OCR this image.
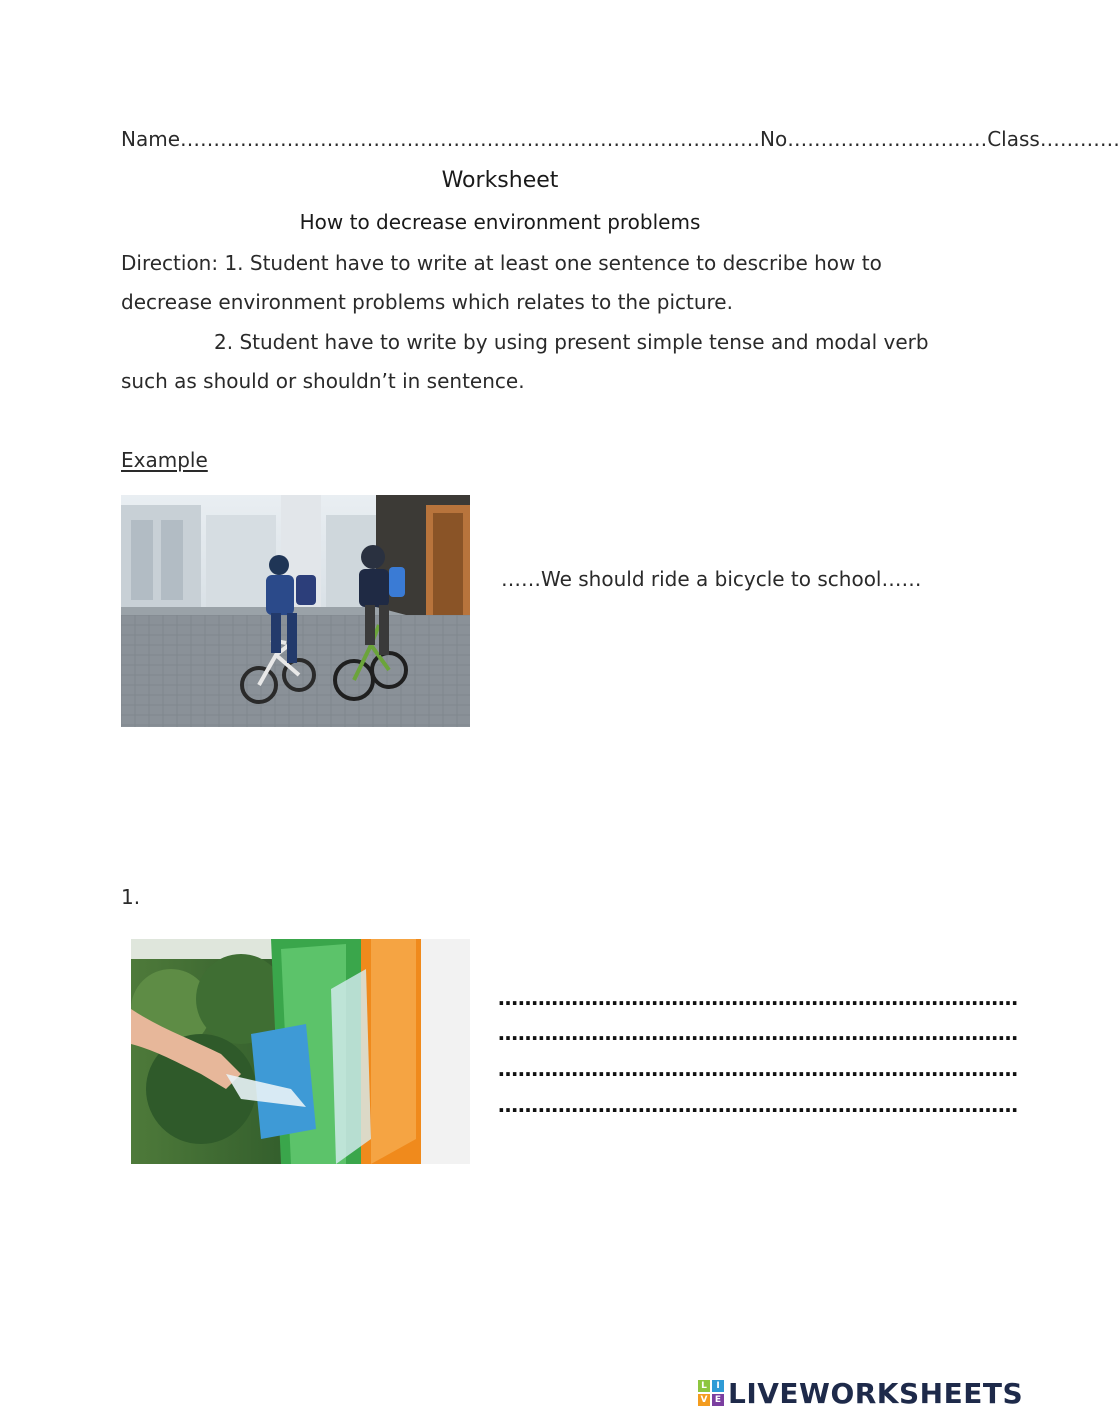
Name……………………………………………………………………………No…………………………Class…………
Worksheet
How to decrease environment problems
Direction: 1. Student have to write at least one sentence to describe how to
decrease environment problems which relates to the picture.
2. Student have to write by using present simple tense and modal verb
such as should or shouldn’t in sentence.
Example
……We should ride a bicycle to school……
1.
……………………………………………………………………
……………………………………………………………………
……………………………………………………………………
……………………………………………………………………
L	I
V E LIVEWORKSHEETS
